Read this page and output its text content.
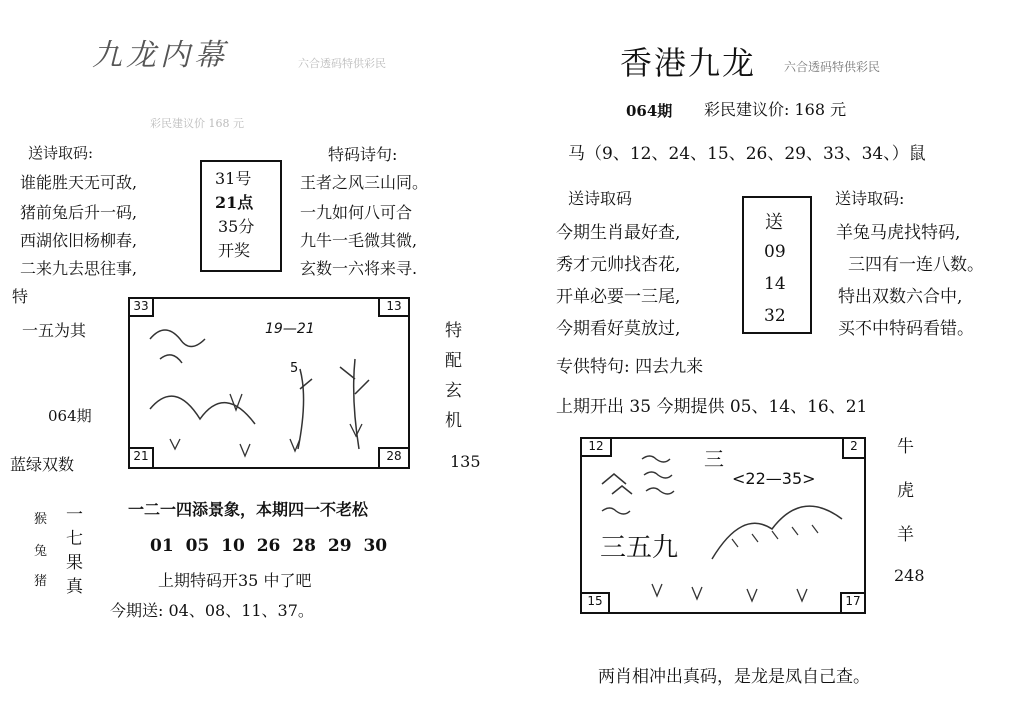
九龙内幕	六合透码特供彩民
彩民建议价 168 元
送诗取码:	特码诗句:
谁能胜天无可敌,
猪前兔后升一码,
西湖依旧杨柳春,
二来九去思往事,
31号
21点
35分
开奖
王者之风三山同。
一九如何八可合
九牛一毛微其微,
玄数一六将来寻.
特
一五为其
064期
蓝绿双数
33	13
21	28
19—21
5
特
配
玄
机
135
一二一四添景象，本期四一不老松
猴
兔
猪
一
七
果
真
01 05 10 26 28 29 30
上期特码开35 中了吧
今期送: 04、08、11、37。
香港九龙 六合透码特供彩民
064期 彩民建议价: 168 元
马（9、12、24、15、26、29、33、34、）鼠
送诗取码	送诗取码:
今期生肖最好查,
秀才元帅找杏花,
开单必要一三尾,
今期看好莫放过,
送
09
14
32
羊兔马虎找特码,
三四有一连八数。
特出双数六合中,
买不中特码看错。
专供特句: 四去九来
上期开出 35 今期提供 05、14、16、21
12	2
15	17
三
<22—35>
三五九
牛
虎
羊
248
两肖相冲出真码，是龙是凤自己查。
